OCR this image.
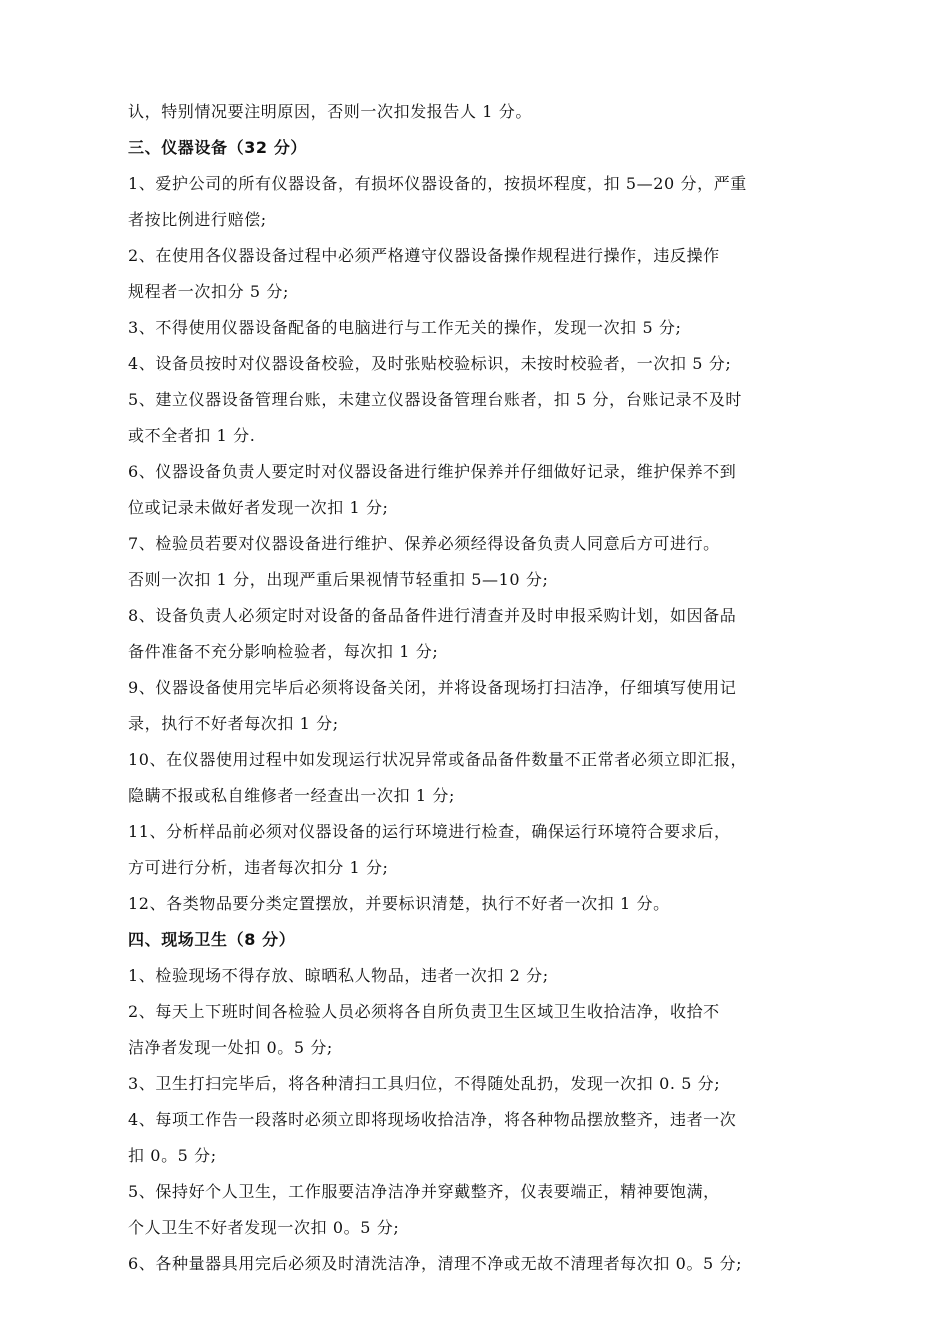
认，特别情况要注明原因，否则一次扣发报告人 1 分。
三、仪器设备（32 分）
1、爱护公司的所有仪器设备，有损坏仪器设备的，按损坏程度，扣 5—20 分，严重
者按比例进行赔偿;
2、在使用各仪器设备过程中必须严格遵守仪器设备操作规程进行操作，违反操作
规程者一次扣分 5 分;
3、不得使用仪器设备配备的电脑进行与工作无关的操作，发现一次扣 5 分;
4、设备员按时对仪器设备校验，及时张贴校验标识，未按时校验者，一次扣 5 分;
5、建立仪器设备管理台账，未建立仪器设备管理台账者，扣 5 分，台账记录不及时
或不全者扣 1 分.
6、仪器设备负责人要定时对仪器设备进行维护保养并仔细做好记录，维护保养不到
位或记录未做好者发现一次扣 1 分;
7、检验员若要对仪器设备进行维护、保养必须经得设备负责人同意后方可进行。
否则一次扣 1 分，出现严重后果视情节轻重扣 5—10 分;
8、设备负责人必须定时对设备的备品备件进行清查并及时申报采购计划，如因备品
备件准备不充分影响检验者，每次扣 1 分;
9、仪器设备使用完毕后必须将设备关闭，并将设备现场打扫洁净，仔细填写使用记
录，执行不好者每次扣 1 分;
10、在仪器使用过程中如发现运行状况异常或备品备件数量不正常者必须立即汇报，
隐瞒不报或私自维修者一经查出一次扣 1 分;
11、分析样品前必须对仪器设备的运行环境进行检查，确保运行环境符合要求后，
方可进行分析，违者每次扣分 1 分;
12、各类物品要分类定置摆放，并要标识清楚，执行不好者一次扣 1 分。
四、现场卫生（8 分）
1、检验现场不得存放、晾晒私人物品，违者一次扣 2 分;
2、每天上下班时间各检验人员必须将各自所负责卫生区域卫生收拾洁净，收拾不
洁净者发现一处扣 0。5 分;
3、卫生打扫完毕后，将各种清扫工具归位，不得随处乱扔，发现一次扣 0. 5 分;
4、每项工作告一段落时必须立即将现场收拾洁净，将各种物品摆放整齐，违者一次
扣 0。5 分;
5、保持好个人卫生，工作服要洁净洁净并穿戴整齐，仪表要端正，精神要饱满，
个人卫生不好者发现一次扣 0。5 分;
6、各种量器具用完后必须及时清洗洁净，清理不净或无故不清理者每次扣 0。5 分;
